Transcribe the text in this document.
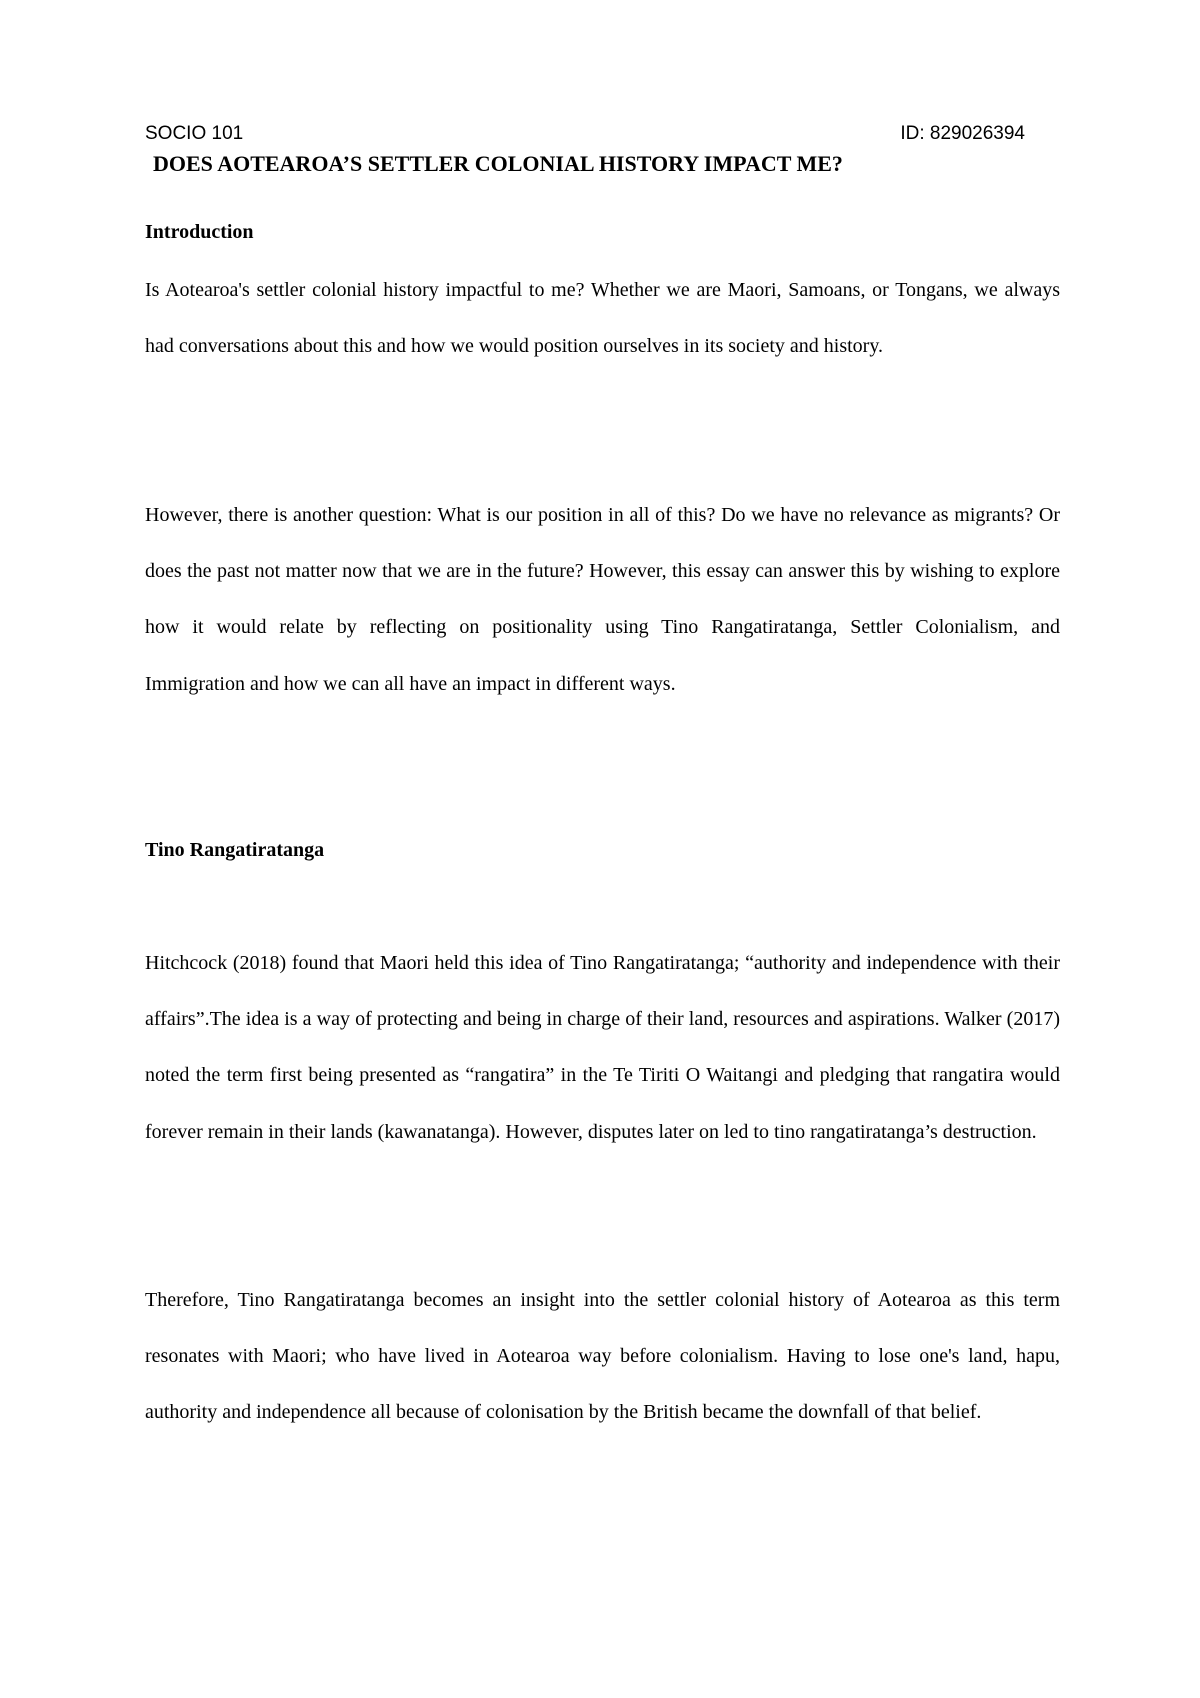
SOCIO 101	ID: 829026394
DOES AOTEAROA’S SETTLER COLONIAL HISTORY IMPACT ME?
Introduction

Is Aotearoa's settler colonial history impactful to me? Whether we are Maori, Samoans, or Tongans, we always had conversations about this and how we would position ourselves in its society and history.

However, there is another question: What is our position in all of this? Do we have no relevance as migrants? Or does the past not matter now that we are in the future? However, this essay can answer this by wishing to explore how it would relate by reflecting on positionality using Tino Rangatiratanga, Settler Colonialism, and Immigration and how we can all have an impact in different ways.

Tino Rangatiratanga

Hitchcock (2018) found that Maori held this idea of Tino Rangatiratanga; “authority and independence with their affairs”.The idea is a way of protecting and being in charge of their land, resources and aspirations. Walker (2017) noted the term first being presented as “rangatira” in the Te Tiriti O Waitangi and pledging that rangatira would forever remain in their lands (kawanatanga). However, disputes later on led to tino rangatiratanga’s destruction.

Therefore, Tino Rangatiratanga becomes an insight into the settler colonial history of Aotearoa as this term resonates with Maori; who have lived in Aotearoa way before colonialism. Having to lose one's land, hapu, authority and independence all because of colonisation by the British became the downfall of that belief.
